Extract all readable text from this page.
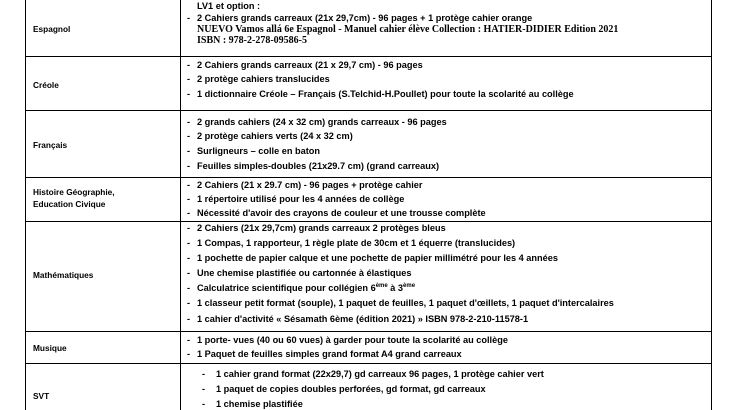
Espagnol
LV1 et option :
- 2 Cahiers grands carreaux (21x 29,7cm) - 96 pages + 1 protège cahier orange
NUEVO Vamos allá 6e Espagnol - Manuel cahier élève Collection : HATIER-DIDIER Edition 2021
ISBN : 978-2-278-09586-5
Créole
- 2 Cahiers grands carreaux (21 x 29,7 cm) - 96 pages
- 2 protège cahiers translucides
- 1 dictionnaire Créole – Français (S.Telchid-H.Poullet) pour toute la scolarité au collège
Français
- 2 grands cahiers (24 x 32 cm) grands carreaux - 96 pages
- 2 protège cahiers verts (24 x 32 cm)
- Surligneurs – colle en baton
- Feuilles simples-doubles (21x29.7 cm) (grand carreaux)
Histoire Géographie,
Education Civique
- 2 Cahiers (21 x 29.7 cm) - 96 pages + protège cahier
- 1 répertoire utilisé pour les 4 années de collège
- Nécessité d'avoir des crayons de couleur et une trousse complète
Mathématiques
- 2 Cahiers (21x 29,7cm) grands carreaux 2 protèges bleus
- 1 Compas, 1 rapporteur, 1 règle plate de 30cm et 1 équerre (translucides)
- 1 pochette de papier calque et une pochette de papier millimétré pour les 4 années
- Une chemise plastifiée ou cartonnée à élastiques
- Calculatrice scientifique pour collégien 6ème à 3ème
- 1 classeur petit format (souple), 1 paquet de feuilles, 1 paquet d'œillets, 1 paquet d'intercalaires
- 1 cahier d'activité « Sésamath 6ème (édition 2021) » ISBN 978-2-210-11578-1
Musique
- 1 porte- vues (40 ou 60 vues) à garder pour toute la scolarité au collège
- 1 Paquet de feuilles simples grand format A4 grand carreaux
SVT
- 1 cahier grand format (22x29,7) gd carreaux 96 pages, 1 protège cahier vert
- 1 paquet de copies doubles perforées, gd format, gd carreaux
- 1 chemise plastifiée
